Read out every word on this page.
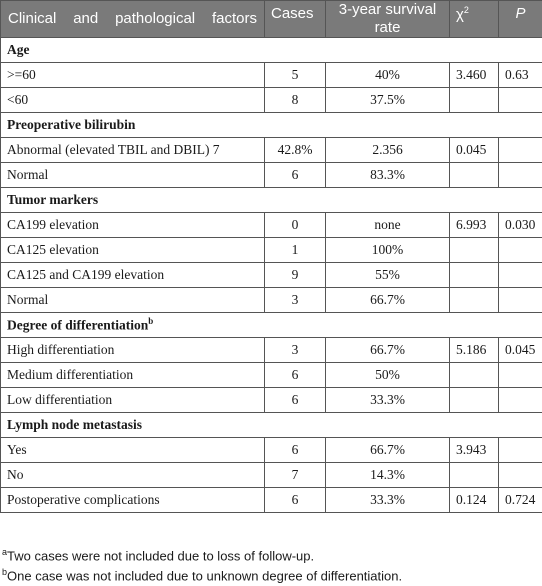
Clinical and pathological factors	Cases	3-year survival rate	$\chi^2$	P
Age				
>=60	5	40%	3.460	0.63
<60	8	37.5%		
Preoperative bilirubin				
Abnormal (elevated TBIL and DBIL) 7	42.8%	2.356	0.045	
Normal	6	83.3%		
Tumor markers				
CA199 elevation	0	none	6.993	0.030
CA125 elevation	1	100%		
CA125 and CA199 elevation	9	55%		
Normal	3	66.7%		
Degree of differentiation$^b$
High differentiation	3	66.7%	5.186	0.045
Medium differentiation	6	50%		
Low differentiation	6	33.3%		
Lymph node metastasis				
Yes	6	66.7%	3.943	
No	7	14.3%		
Postoperative complications	6	33.3%	0.124	0.724
$^a$Two cases were not included due to loss of follow-up.
$^b$One case was not included due to unknown degree of differentiation.
